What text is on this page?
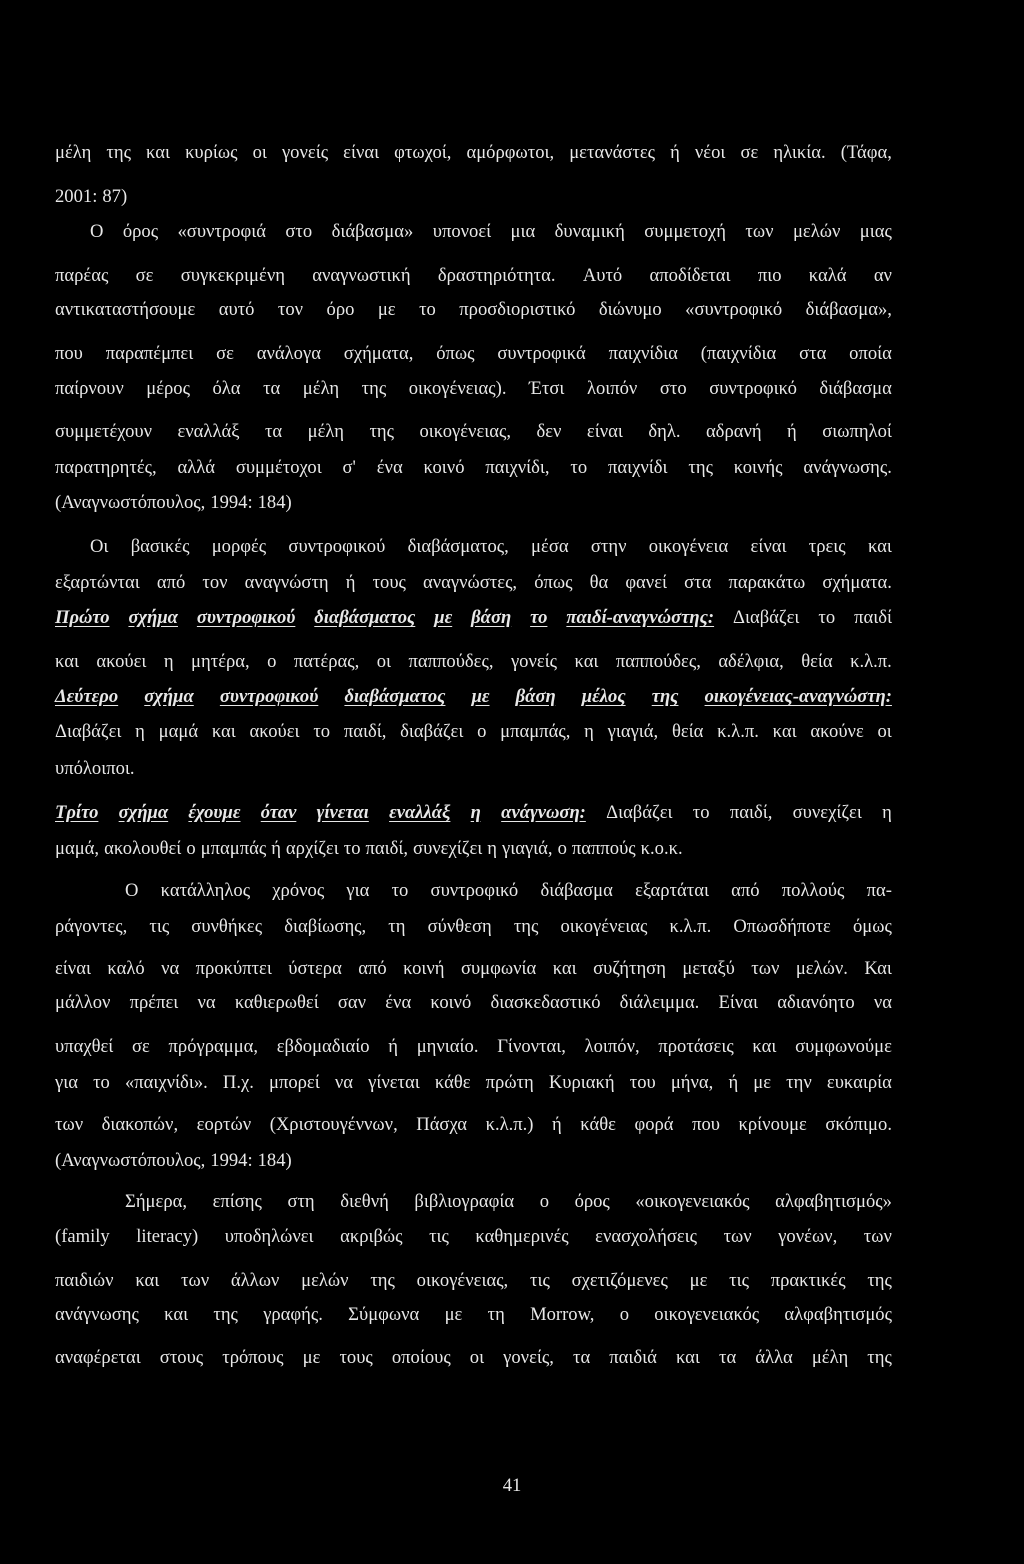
μέλη της και κυρίως οι γονείς είναι φτωχοί, αμόρφωτοι, μετανάστες ή νέοι σε ηλικία. (Τάφα,
2001: 87)
Ο όρος «συντροφιά στο διάβασμα» υπονοεί μια δυναμική συμμετοχή των μελών μιας
παρέας σε συγκεκριμένη αναγνωστική δραστηριότητα. Αυτό αποδίδεται πιο καλά αν
αντικαταστήσουμε αυτό τον όρο με το προσδιοριστικό διώνυμο «συντροφικό διάβασμα»,
που παραπέμπει σε ανάλογα σχήματα, όπως συντροφικά παιχνίδια (παιχνίδια στα οποία
παίρνουν μέρος όλα τα μέλη της οικογένειας). Έτσι λοιπόν στο συντροφικό διάβασμα
συμμετέχουν εναλλάξ τα μέλη της οικογένειας, δεν είναι δηλ. αδρανή ή σιωπηλοί
παρατηρητές, αλλά συμμέτοχοι σ' ένα κοινό παιχνίδι, το παιχνίδι της κοινής ανάγνωσης.
(Αναγνωστόπουλος, 1994: 184)
Οι βασικές μορφές συντροφικού διαβάσματος, μέσα στην οικογένεια είναι τρεις και
εξαρτώνται από τον αναγνώστη ή τους αναγνώστες, όπως θα φανεί στα παρακάτω σχήματα.
Πρώτο σχήμα συντροφικού διαβάσματος με βάση το παιδί-αναγνώστης: Διαβάζει το παιδί
και ακούει η μητέρα, ο πατέρας, οι παππούδες, γονείς και παππούδες, αδέλφια, θεία κ.λ.π.
Δεύτερο σχήμα συντροφικού διαβάσματος με βάση μέλος της οικογένειας-αναγνώστη:
Διαβάζει η μαμά και ακούει το παιδί, διαβάζει ο μπαμπάς, η γιαγιά, θεία κ.λ.π. και ακούνε οι
υπόλοιποι.
Τρίτο σχήμα έχουμε όταν γίνεται εναλλάξ η ανάγνωση: Διαβάζει το παιδί, συνεχίζει η
μαμά, ακολουθεί ο μπαμπάς ή αρχίζει το παιδί, συνεχίζει η γιαγιά, ο παππούς κ.ο.κ.
Ο κατάλληλος χρόνος για το συντροφικό διάβασμα εξαρτάται από πολλούς πα-
ράγοντες, τις συνθήκες διαβίωσης, τη σύνθεση της οικογένειας κ.λ.π. Οπωσδήποτε όμως
είναι καλό να προκύπτει ύστερα από κοινή συμφωνία και συζήτηση μεταξύ των μελών. Και
μάλλον πρέπει να καθιερωθεί σαν ένα κοινό διασκεδαστικό διάλειμμα. Είναι αδιανόητο να
υπαχθεί σε πρόγραμμα, εβδομαδιαίο ή μηνιαίο. Γίνονται, λοιπόν, προτάσεις και συμφωνούμε
για το «παιχνίδι». Π.χ. μπορεί να γίνεται κάθε πρώτη Κυριακή του μήνα, ή με την ευκαιρία
των διακοπών, εορτών (Χριστουγέννων, Πάσχα κ.λ.π.) ή κάθε φορά που κρίνουμε σκόπιμο.
(Αναγνωστόπουλος, 1994: 184)
Σήμερα, επίσης στη διεθνή βιβλιογραφία ο όρος «οικογενειακός αλφαβητισμός»
(family literacy) υποδηλώνει ακριβώς τις καθημερινές ενασχολήσεις των γονέων, των
παιδιών και των άλλων μελών της οικογένειας, τις σχετιζόμενες με τις πρακτικές της
ανάγνωσης και της γραφής. Σύμφωνα με τη Morrow, ο οικογενειακός αλφαβητισμός
αναφέρεται στους τρόπους με τους οποίους οι γονείς, τα παιδιά και τα άλλα μέλη της
41
